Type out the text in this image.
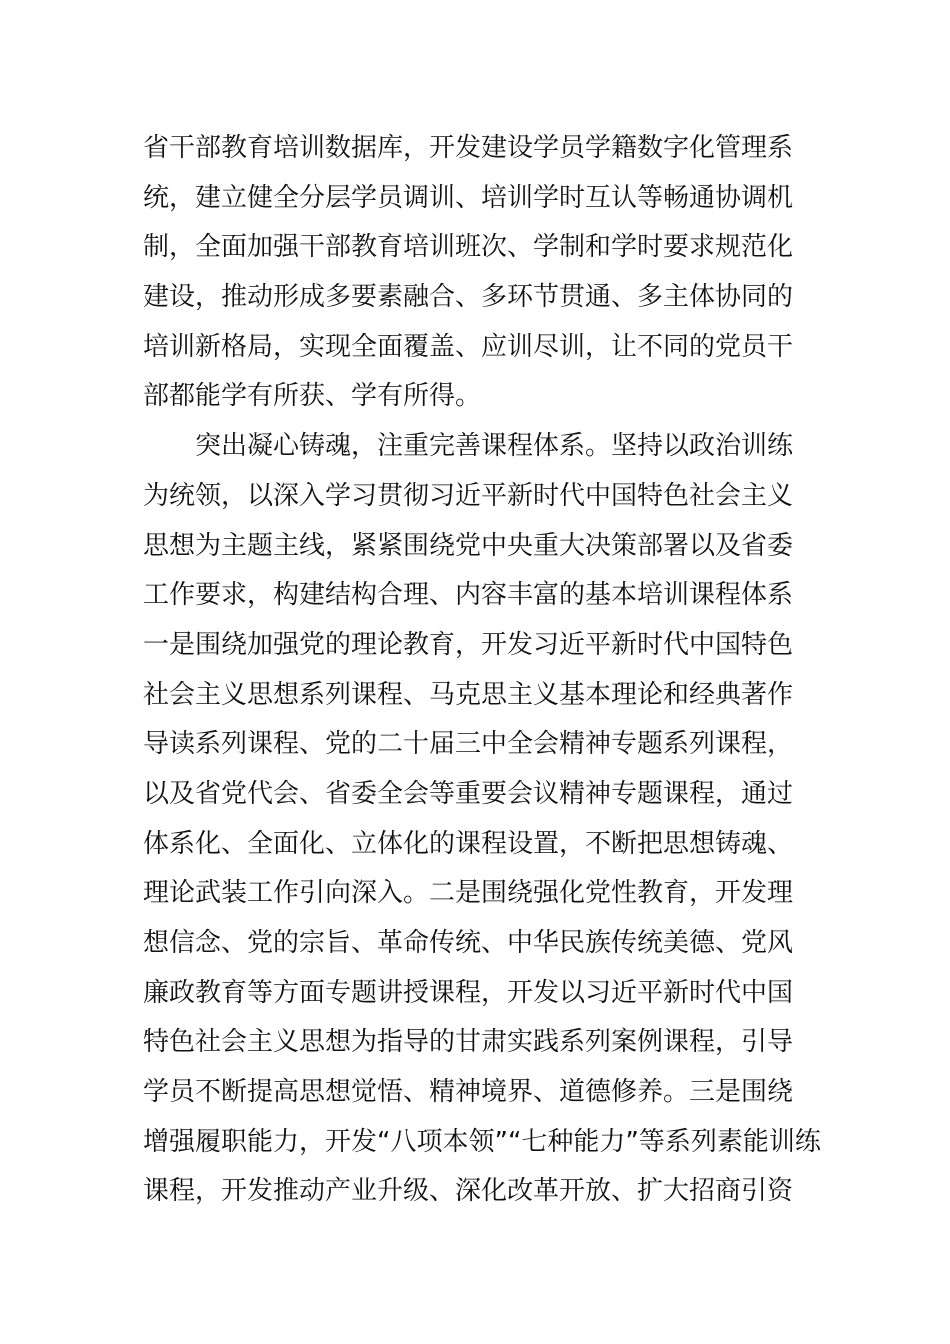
省干部教育培训数据库，开发建设学员学籍数字化管理系
统，建立健全分层学员调训、培训学时互认等畅通协调机
制，全面加强干部教育培训班次、学制和学时要求规范化
建设，推动形成多要素融合、多环节贯通、多主体协同的
培训新格局，实现全面覆盖、应训尽训，让不同的党员干
部都能学有所获、学有所得。
突出凝心铸魂，注重完善课程体系。坚持以政治训练
为统领，以深入学习贯彻习近平新时代中国特色社会主义
思想为主题主线，紧紧围绕党中央重大决策部署以及省委
工作要求，构建结构合理、内容丰富的基本培训课程体系
一是围绕加强党的理论教育，开发习近平新时代中国特色
社会主义思想系列课程、马克思主义基本理论和经典著作
导读系列课程、党的二十届三中全会精神专题系列课程，
以及省党代会、省委全会等重要会议精神专题课程，通过
体系化、全面化、立体化的课程设置，不断把思想铸魂、
理论武装工作引向深入。二是围绕强化党性教育，开发理
想信念、党的宗旨、革命传统、中华民族传统美德、党风
廉政教育等方面专题讲授课程，开发以习近平新时代中国
特色社会主义思想为指导的甘肃实践系列案例课程，引导
学员不断提高思想觉悟、精神境界、道德修养。三是围绕
增强履职能力，开发“八项本领”“七种能力”等系列素能训练
课程，开发推动产业升级、深化改革开放、扩大招商引资
